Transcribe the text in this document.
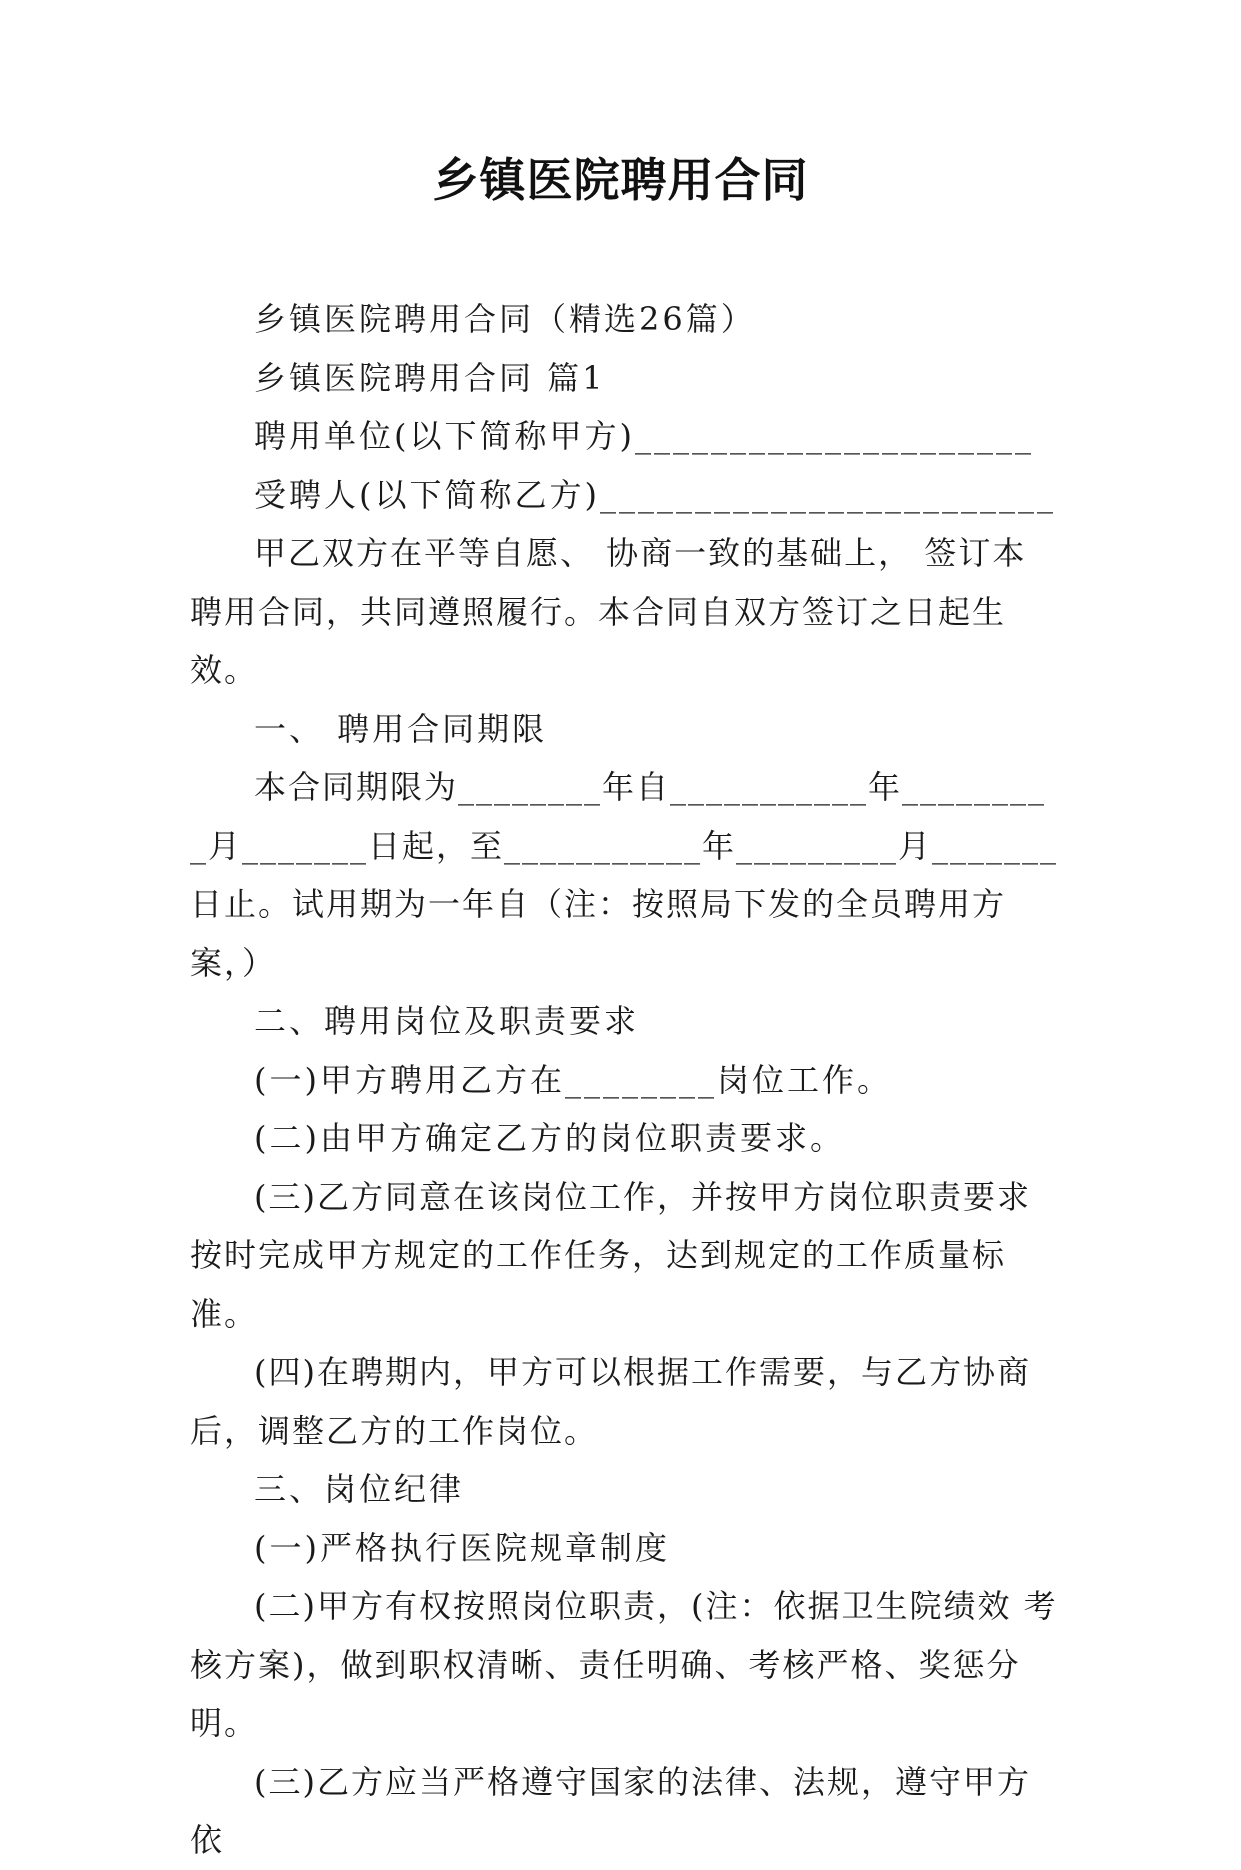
乡镇医院聘用合同

乡镇医院聘用合同（精选26篇）

乡镇医院聘用合同 篇1

聘用单位(以下简称甲方)_____________________

受聘人(以下简称乙方)________________________

甲乙双方在平等自愿、 协商一致的基础上， 签订本聘用合同，共同遵照履行。本合同自双方签订之日起生效。

一、 聘用合同期限

本合同期限为________年自___________年_________月_______日起，至___________年_________月_______日止。试用期为一年自（注：按照局下发的全员聘用方案，）

二、聘用岗位及职责要求

(一)甲方聘用乙方在________岗位工作。

(二)由甲方确定乙方的岗位职责要求。

(三)乙方同意在该岗位工作，并按甲方岗位职责要求按时完成甲方规定的工作任务，达到规定的工作质量标准。

(四)在聘期内，甲方可以根据工作需要，与乙方协商后，调整乙方的工作岗位。

三、岗位纪律

(一)严格执行医院规章制度

(二)甲方有权按照岗位职责，(注：依据卫生院绩效 考核方案)，做到职权清晰、责任明确、考核严格、奖惩分明。

(三)乙方应当严格遵守国家的法律、法规，遵守甲方依
